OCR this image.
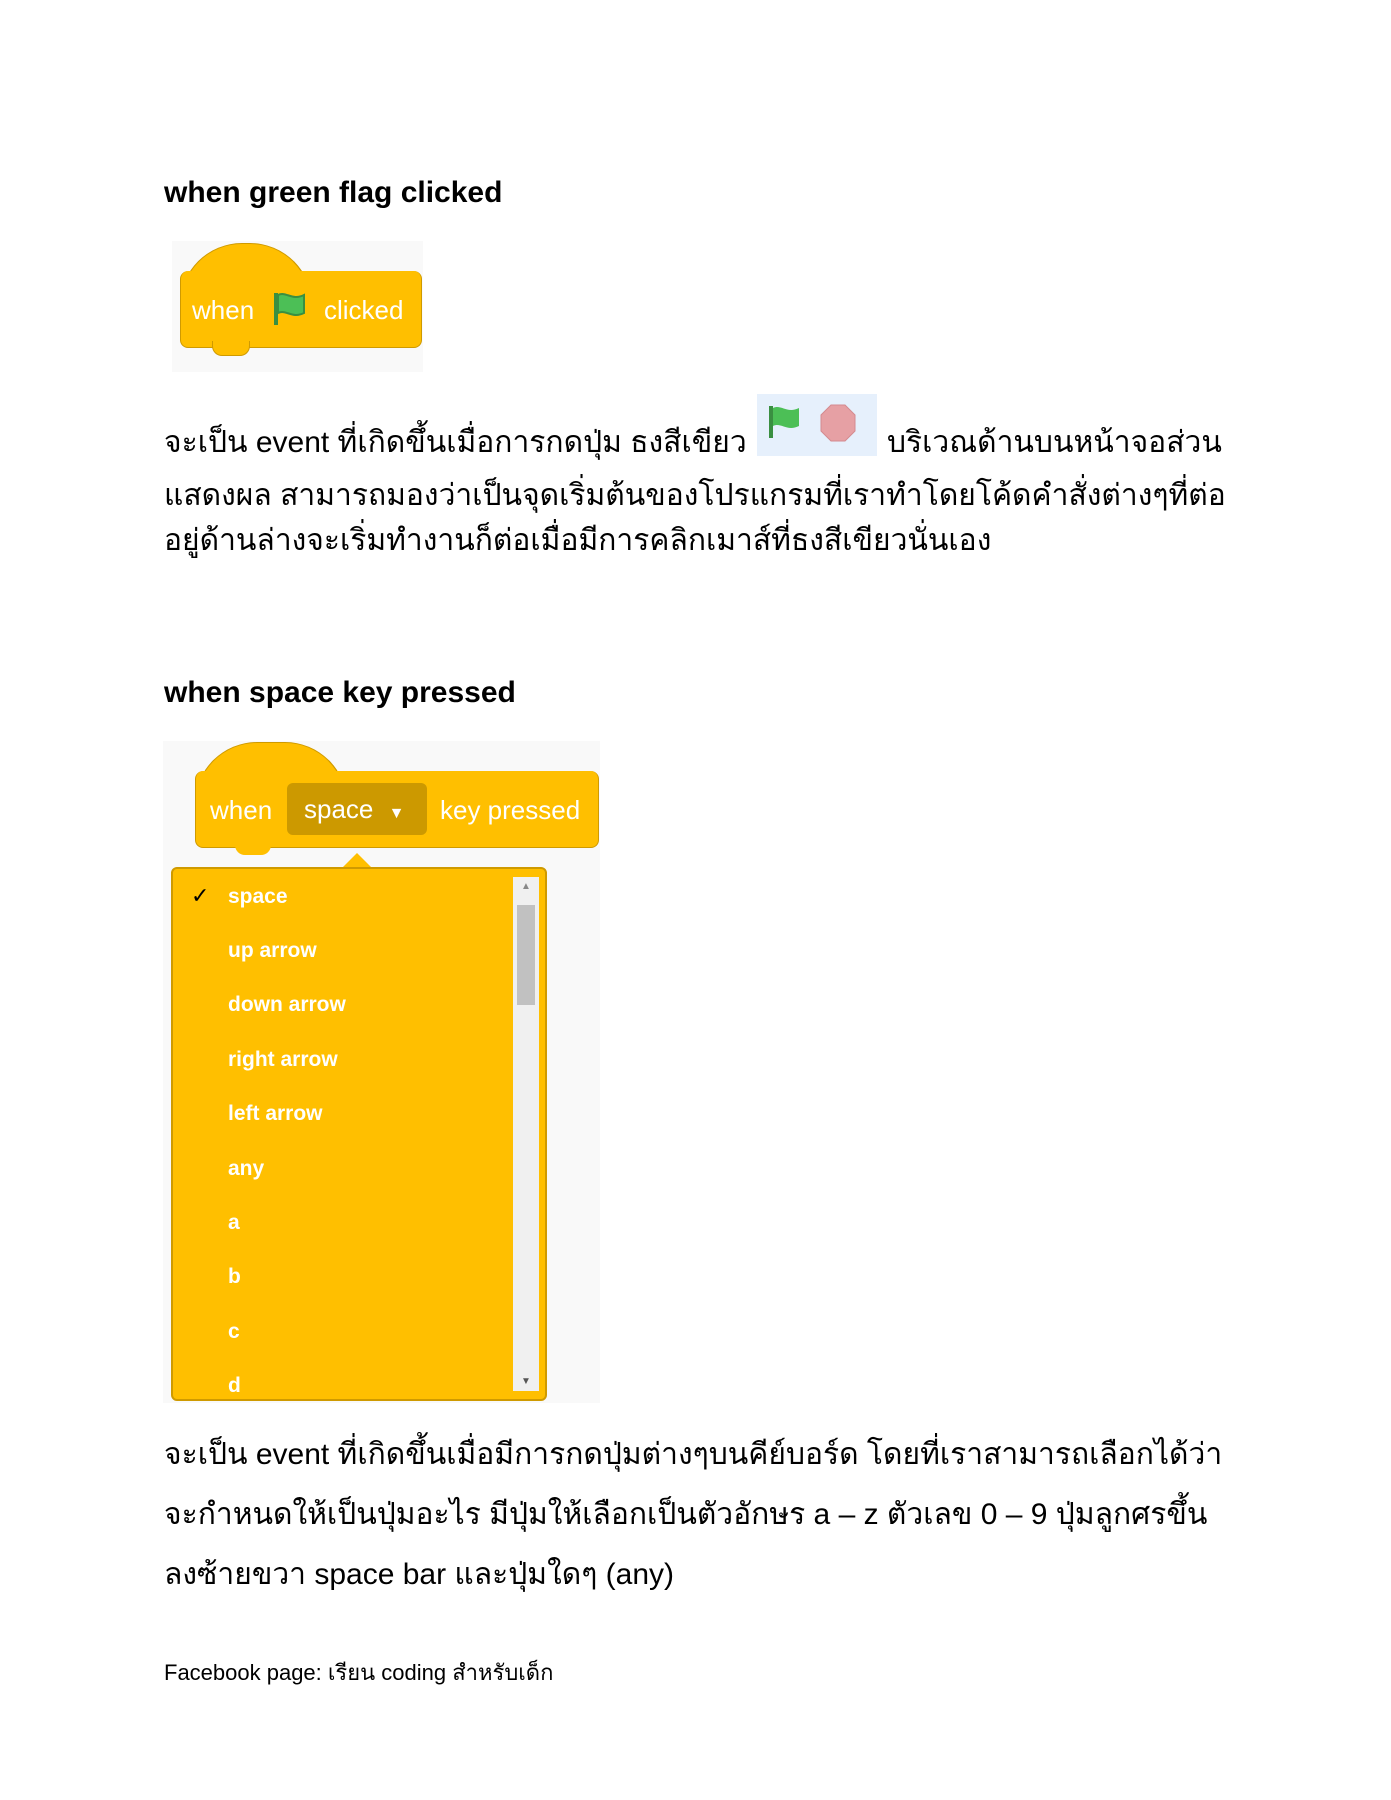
when green flag clicked
when	clicked
จะเป็น event ที่เกิดขึ้นเมื่อการกดปุ่ม ธงสีเขียว	บริเวณด้านบนหน้าจอส่วน
แสดงผล สามารถมองว่าเป็นจุดเริ่มต้นของโปรแกรมที่เราทำโดยโค้ดคำสั่งต่างๆที่ต่อ
อยู่ด้านล่างจะเริ่มทำงานก็ต่อเมื่อมีการคลิกเมาส์ที่ธงสีเขียวนั่นเอง
when space key pressed
when	space ▼	key pressed
✓ space
up arrow
down arrow
right arrow
left arrow
any
a
b
c
d
▲
▼
จะเป็น event ที่เกิดขึ้นเมื่อมีการกดปุ่มต่างๆบนคีย์บอร์ด โดยที่เราสามารถเลือกได้ว่า
จะกำหนดให้เป็นปุ่มอะไร มีปุ่มให้เลือกเป็นตัวอักษร a – z ตัวเลข 0 – 9 ปุ่มลูกศรขึ้น
ลงซ้ายขวา space bar และปุ่มใดๆ (any)
Facebook page: เรียน coding สำหรับเด็ก
